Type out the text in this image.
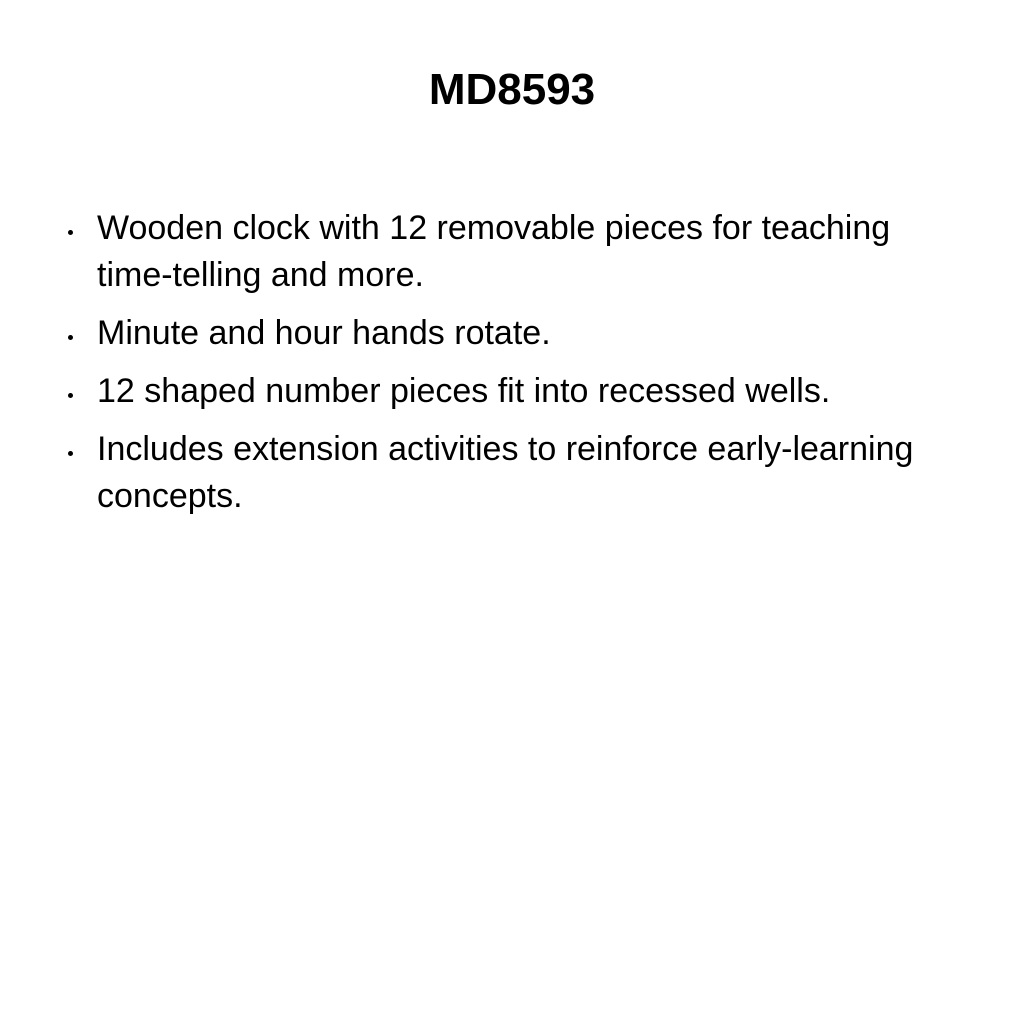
MD8593
Wooden clock with 12 removable pieces for teaching time-telling and more.
Minute and hour hands rotate.
12 shaped number pieces fit into recessed wells.
Includes extension activities to reinforce early-learning concepts.
